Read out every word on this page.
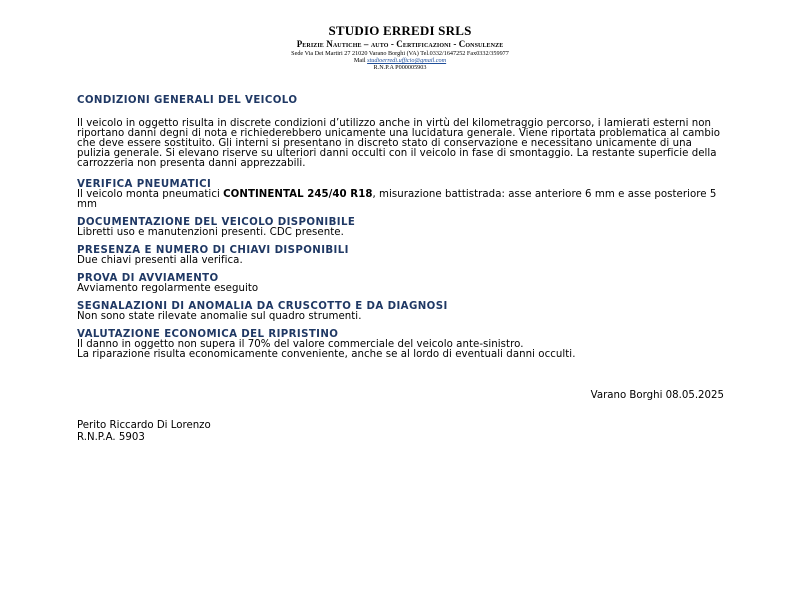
STUDIO ERREDI SRLS
Perizie Nautiche – auto - Certificazioni - Consulenze
Sede Via Dei Martiri 27 21020 Varano Borghi (VA) Tel.0332/1647252 Fax0332/359977
Mail studioerredi.ufficio@gmail.com
R.N.P.A P000005903
CONDIZIONI GENERALI DEL VEICOLO
Il veicolo in oggetto risulta in discrete condizioni d’utilizzo anche in virtù del kilometraggio percorso, i lamierati esterni non riportano danni degni di nota e richiederebbero unicamente una lucidatura generale. Viene riportata problematica al cambio che deve essere sostituito. Gli interni si presentano in discreto stato di conservazione e necessitano unicamente di una pulizia generale. Si elevano riserve su ulteriori danni occulti con il veicolo in fase di smontaggio. La restante superficie della carrozzeria non presenta danni apprezzabili.
VERIFICA PNEUMATICI
Il veicolo monta pneumatici CONTINENTAL 245/40 R18, misurazione battistrada: asse anteriore 6 mm e asse posteriore 5 mm
DOCUMENTAZIONE DEL VEICOLO DISPONIBILE
Libretti uso e manutenzioni presenti. CDC presente.
PRESENZA E NUMERO DI CHIAVI DISPONIBILI
Due chiavi presenti alla verifica.
PROVA DI AVVIAMENTO
Avviamento regolarmente eseguito
SEGNALAZIONI DI ANOMALIA DA CRUSCOTTO E DA DIAGNOSI
Non sono state rilevate anomalie sul quadro strumenti.
VALUTAZIONE ECONOMICA DEL RIPRISTINO
Il danno in oggetto non supera il 70% del valore commerciale del veicolo ante-sinistro.
La riparazione risulta economicamente conveniente, anche se al lordo di eventuali danni occulti.
Varano Borghi 08.05.2025
Perito Riccardo Di Lorenzo
R.N.P.A. 5903
